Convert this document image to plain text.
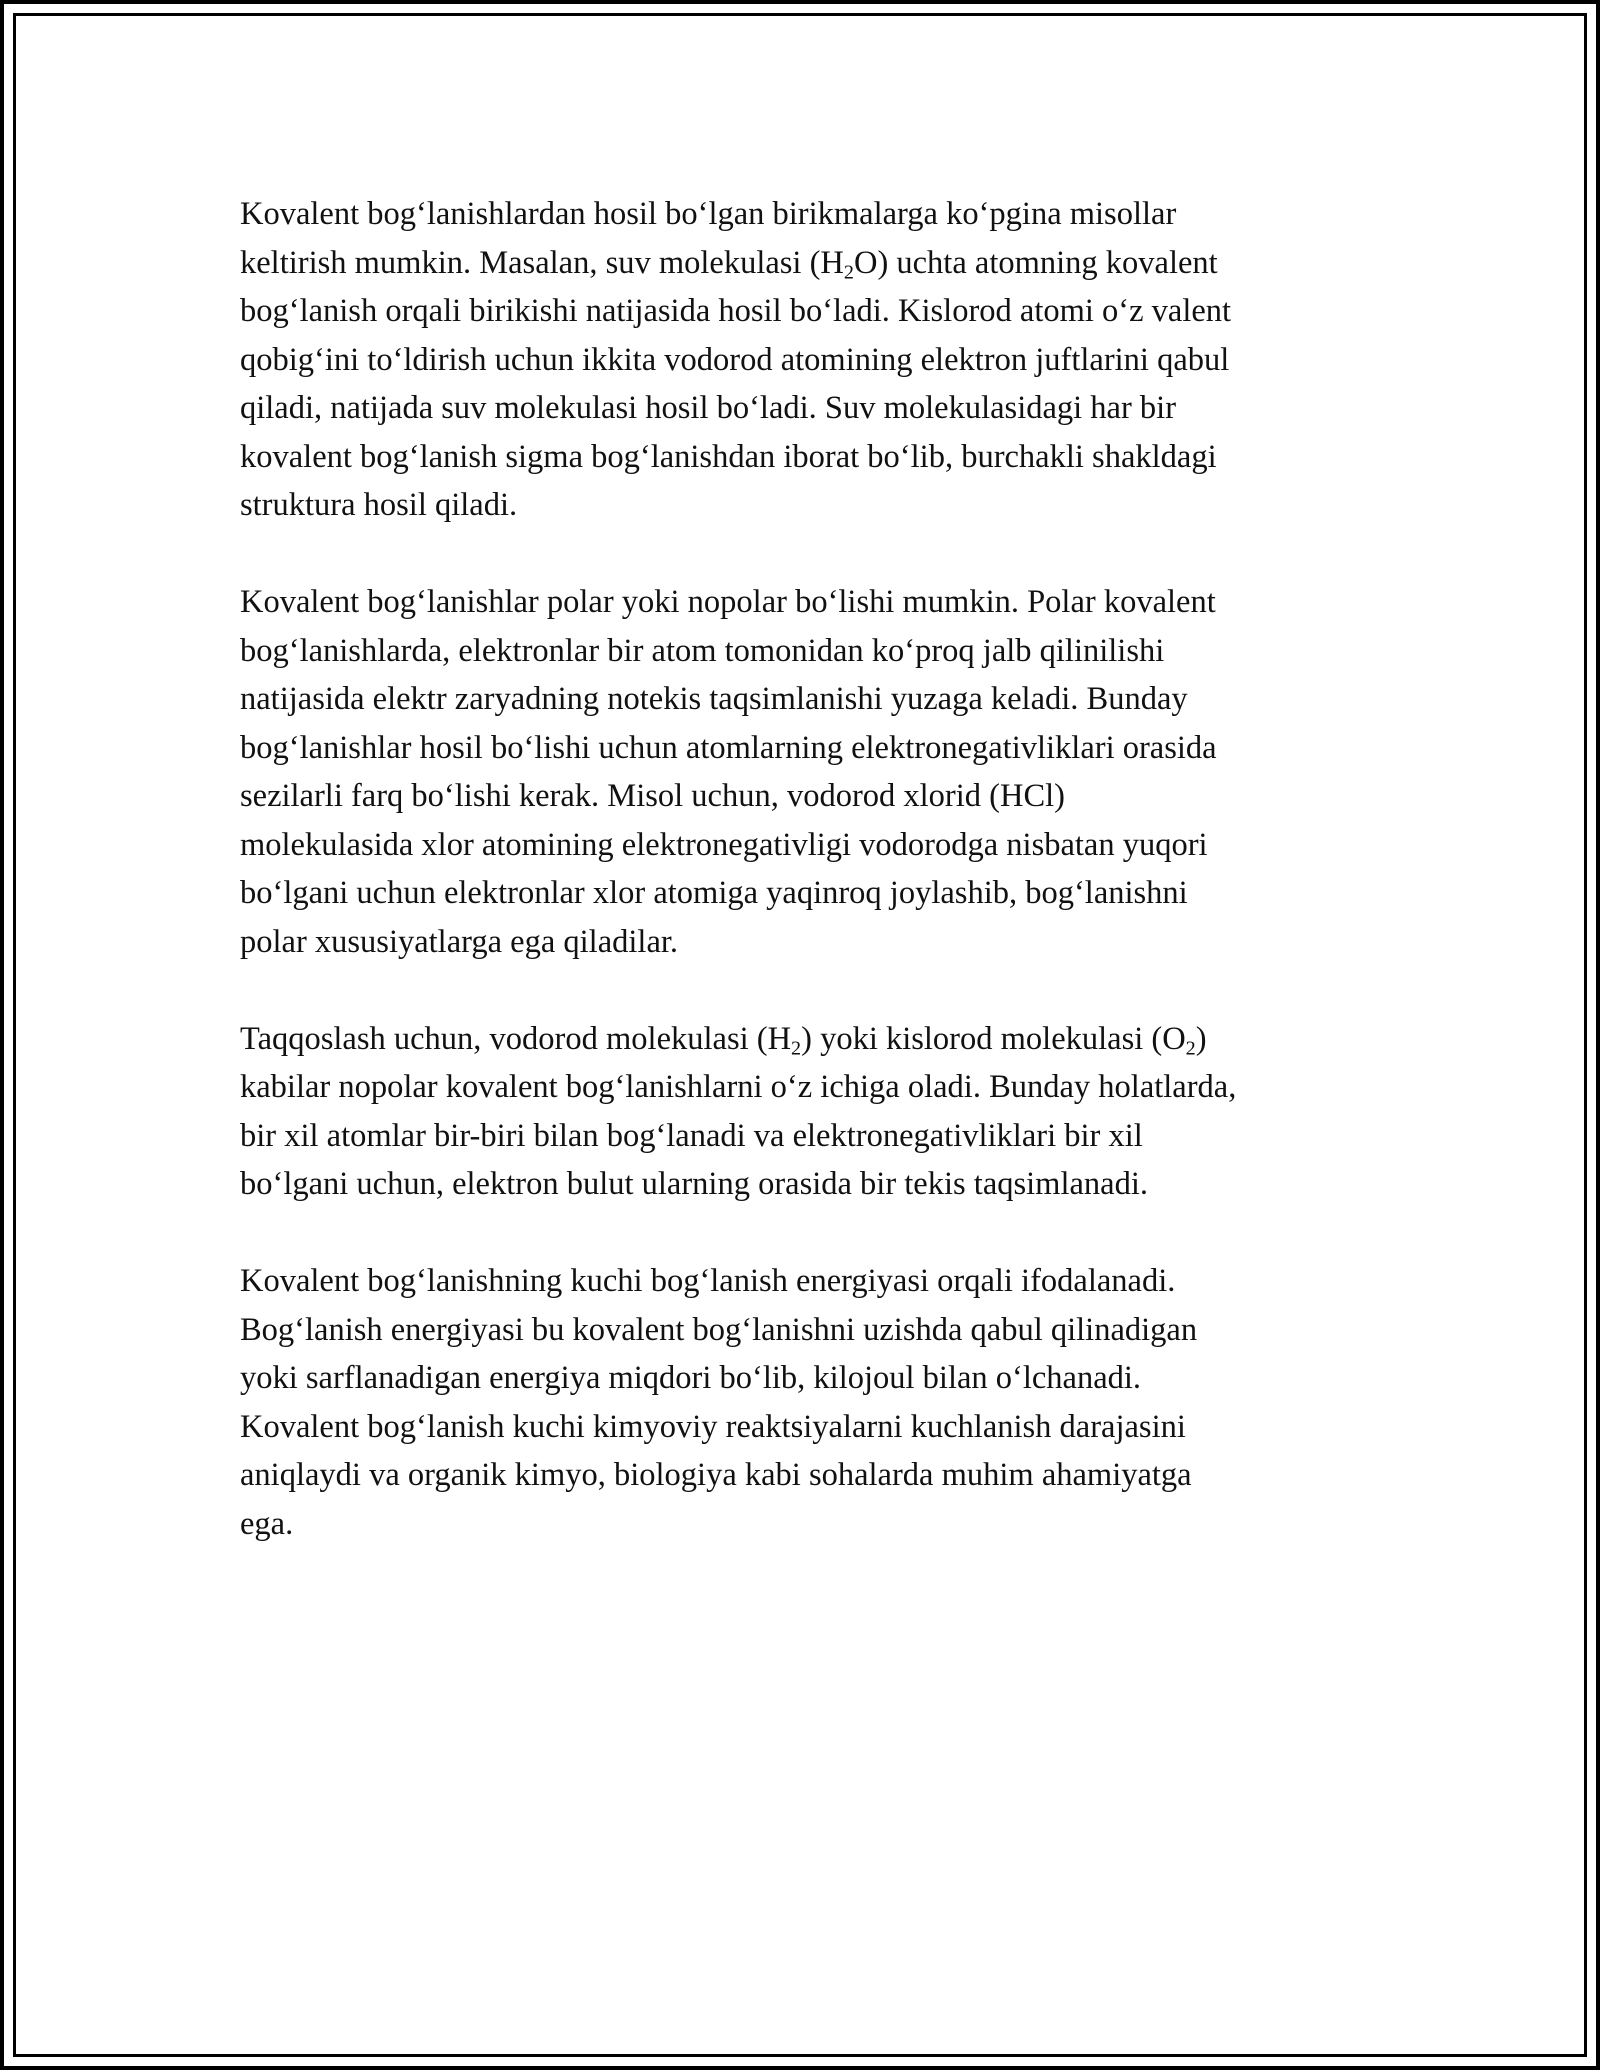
Kovalent bog‘lanishlardan hosil bo‘lgan birikmalarga ko‘pgina misollar
keltirish mumkin. Masalan, suv molekulasi $(H_2O)$ uchta atomning kovalent
bog‘lanish orqali birikishi natijasida hosil bo‘ladi. Kislorod atomi o‘z valent
qobig‘ini to‘ldirish uchun ikkita vodorod atomining elektron juftlarini qabul
qiladi, natijada suv molekulasi hosil bo‘ladi. Suv molekulasidagi har bir
kovalent bog‘lanish sigma bog‘lanishdan iborat bo‘lib, burchakli shakldagi
struktura hosil qiladi.

Kovalent bog‘lanishlar polar yoki nopolar bo‘lishi mumkin. Polar kovalent
bog‘lanishlarda, elektronlar bir atom tomonidan ko‘proq jalb qilinilishi
natijasida elektr zaryadning notekis taqsimlanishi yuzaga keladi. Bunday
bog‘lanishlar hosil bo‘lishi uchun atomlarning elektronegativliklari orasida
sezilarli farq bo‘lishi kerak. Misol uchun, vodorod xlorid (HCl)
molekulasida xlor atomining elektronegativligi vodorodga nisbatan yuqori
bo‘lgani uchun elektronlar xlor atomiga yaqinroq joylashib, bog‘lanishni
polar xususiyatlarga ega qiladilar.

Taqqoslash uchun, vodorod molekulasi $(H_2)$ yoki kislorod molekulasi $(O_2)$
kabilar nopolar kovalent bog‘lanishlarni o‘z ichiga oladi. Bunday holatlarda,
bir xil atomlar bir-biri bilan bog‘lanadi va elektronegativliklari bir xil
bo‘lgani uchun, elektron bulut ularning orasida bir tekis taqsimlanadi.

Kovalent bog‘lanishning kuchi bog‘lanish energiyasi orqali ifodalanadi.
Bog‘lanish energiyasi bu kovalent bog‘lanishni uzishda qabul qilinadigan
yoki sarflanadigan energiya miqdori bo‘lib, kilojoul bilan o‘lchanadi.
Kovalent bog‘lanish kuchi kimyoviy reaktsiyalarni kuchlanish darajasini
aniqlaydi va organik kimyo, biologiya kabi sohalarda muhim ahamiyatga
ega.
